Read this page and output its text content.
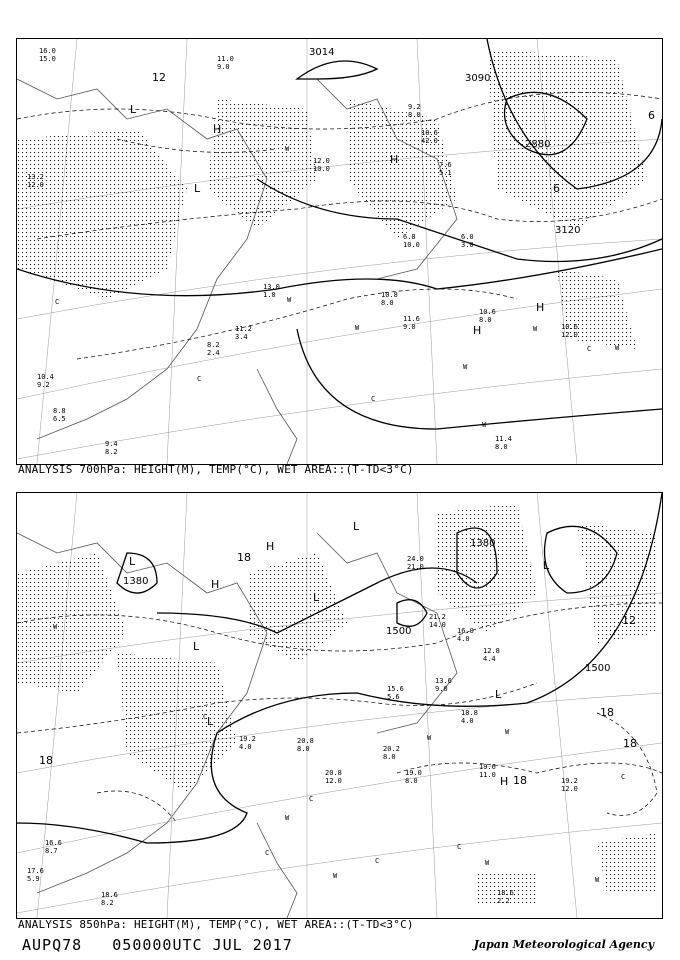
3120
3090
2880
3014
12
6
6
L
H
L
H
H
H
W
W
W
W
W
W
W
C
C
C
C
16.0
15.0
13.2
12.0
11.0
9.0
10.4
9.2
8.8
6.5
10.6
42.0
9.2
8.0
7.6
5.1
6.0
3.0
10.8
8.0
11.6
9.0
10.6
8.0
10.6
12.0
11.4
8.0
9.4
8.2
8.2
2.4
11.2
3.4
13.0
1.0
12.0
10.0
6.8
10.0
ANALYSIS 700hPa: HEIGHT(M), TEMP(°C), WET AREA::(T-TD<3°C)
1500
1500
1380
1380
18
18
18
18
12
18
L
H
H
L
L
L
L
L
H
L
W
W
W
W
W
W
W
C
C
C
C
C
C
20.2
8.0
19.0
8.0
19.6
11.0
19.2
12.0
18.8
4.0
15.6
5.6
13.6
9.0
21.2
14.0
18.6
2.2
18.6
8.2
20.8
12.0
19.2
4.0
20.8
8.0
16.6
8.7
17.6
5.9
24.0
21.0
16.0
4.0
12.8
4.4
ANALYSIS 850hPa: HEIGHT(M), TEMP(°C), WET AREA::(T-TD<3°C)
AUPQ78 050000UTC JUL 2017	Japan Meteorological Agency
